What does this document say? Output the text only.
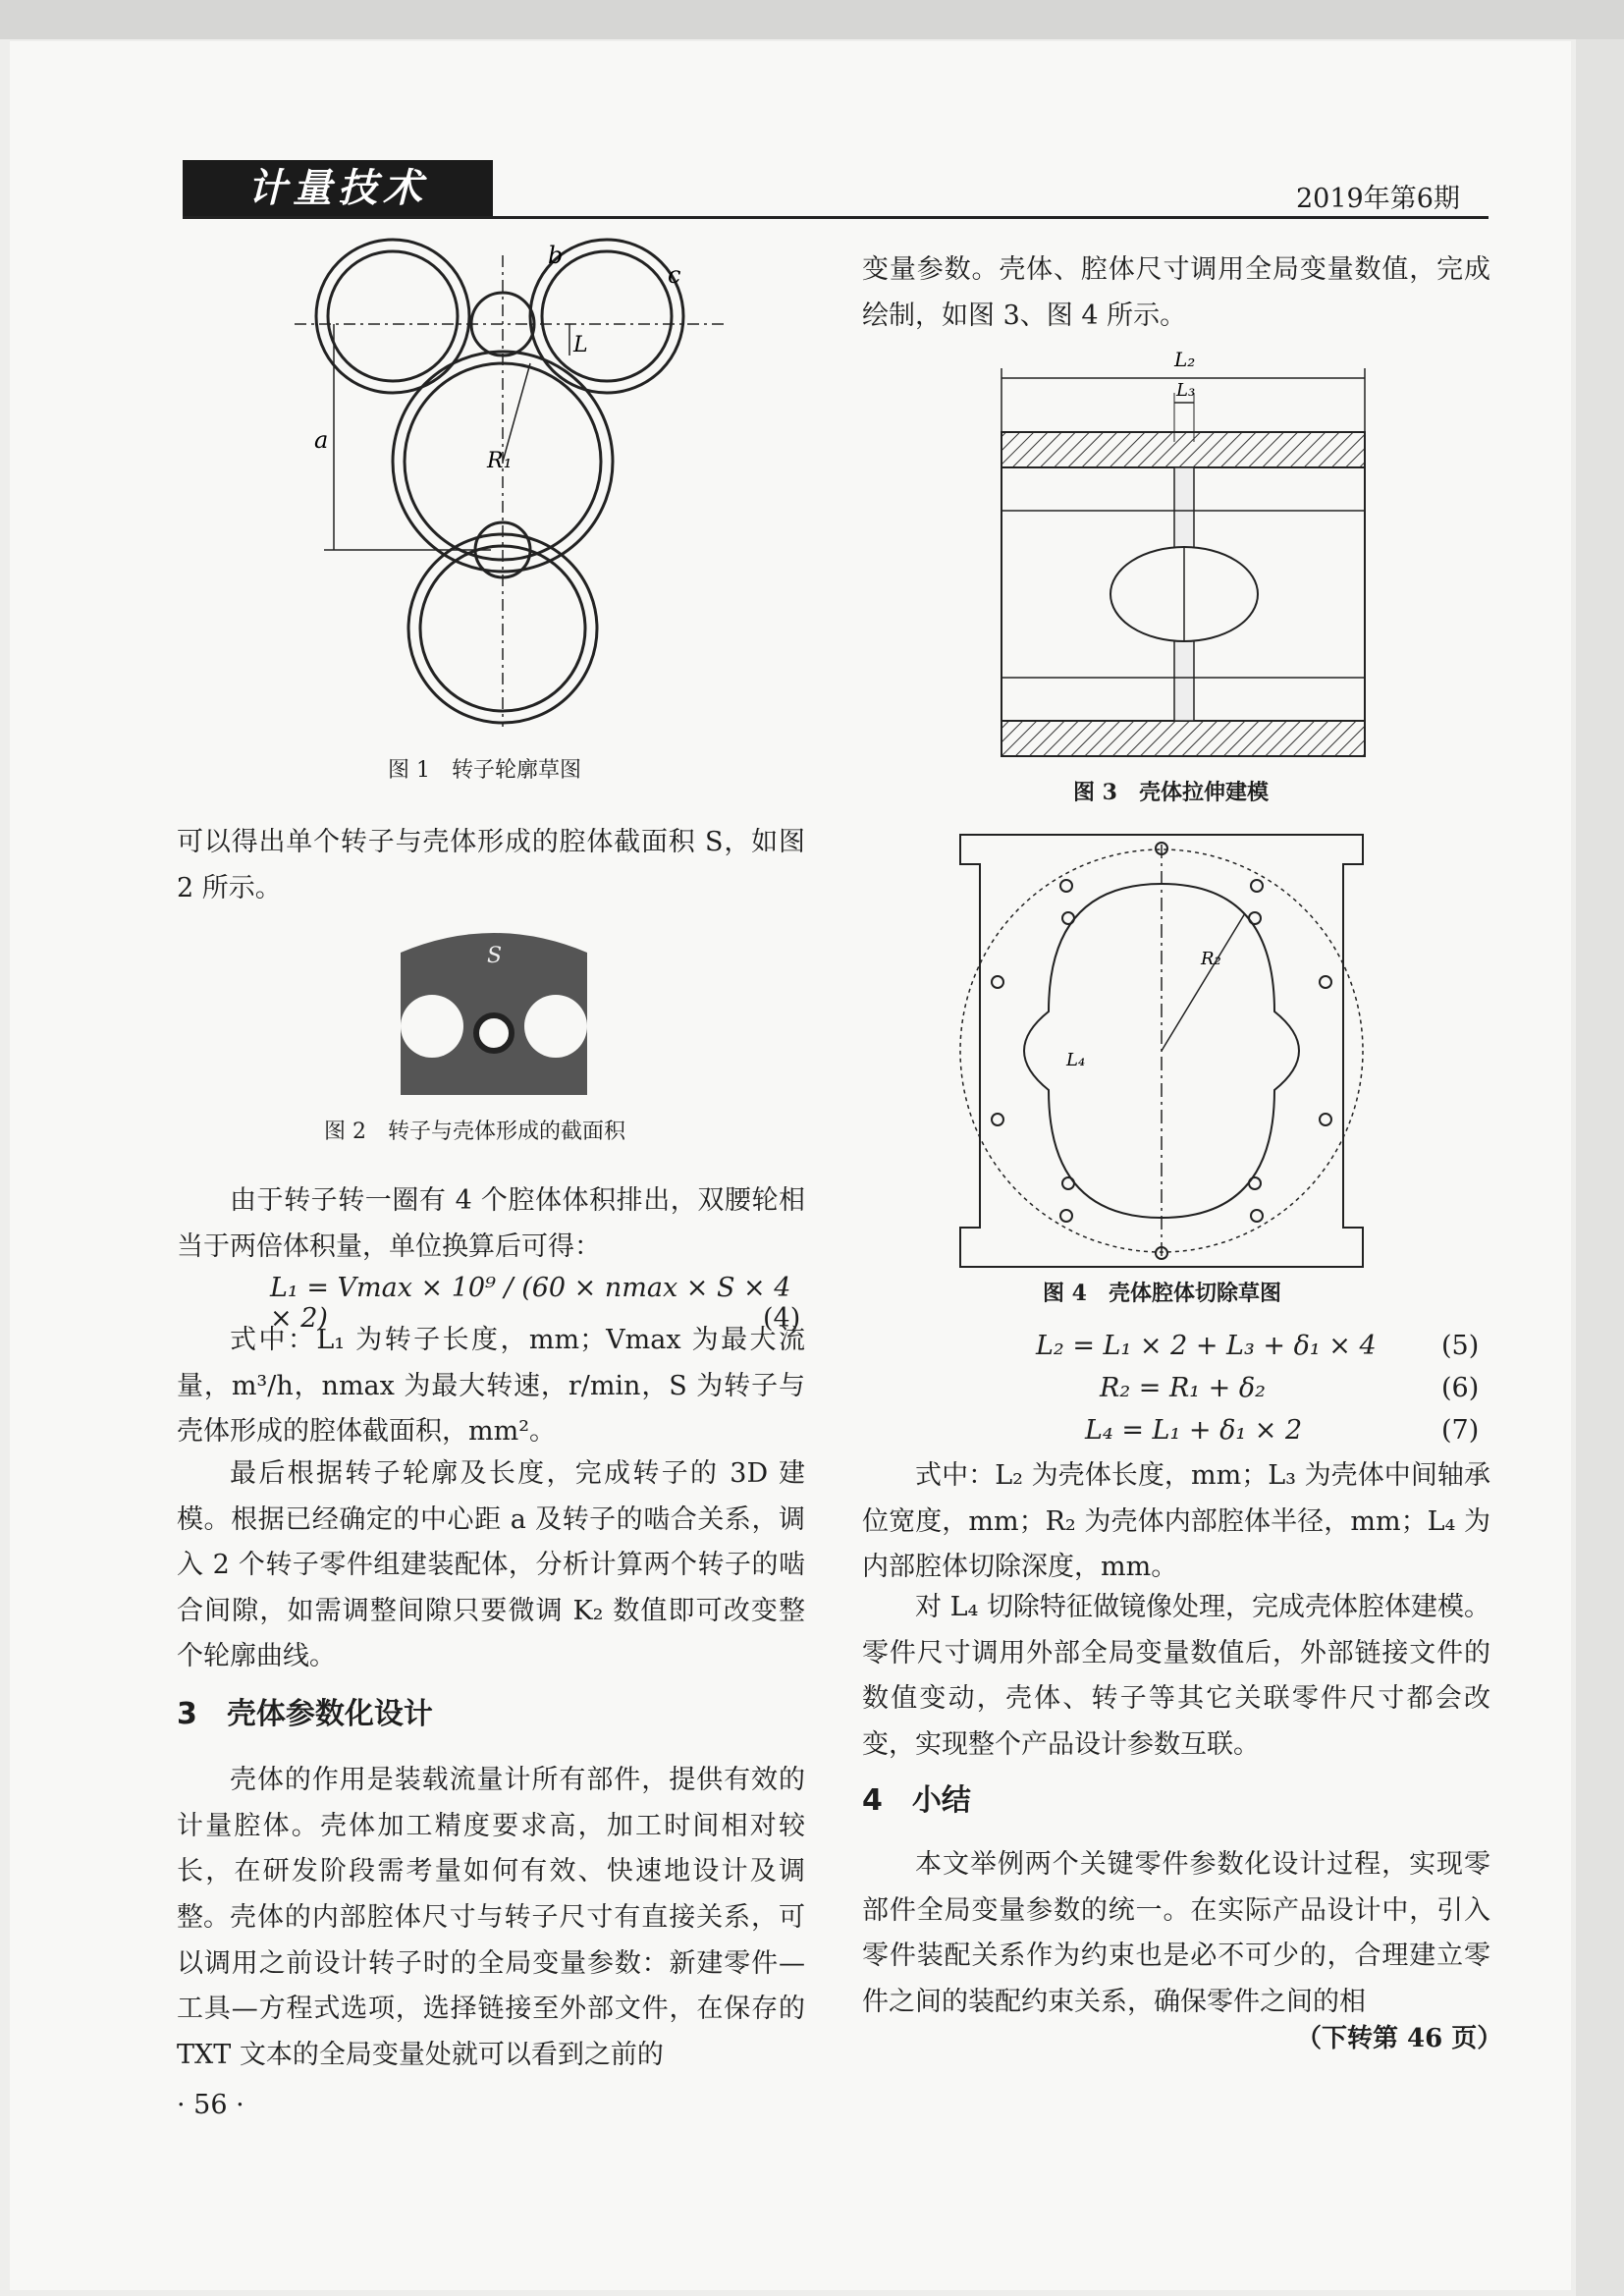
计量技术	2019年第6期
b
c
L
a
R₁
图 1　转子轮廓草图

可以得出单个转子与壳体形成的腔体截面积 S，如图 2 所示。

S
图 2　转子与壳体形成的截面积

由于转子转一圈有 4 个腔体体积排出，双腰轮相当于两倍体积量，单位换算后可得：

L₁ = Vmax × 10⁹ / (60 × nmax × S × 4 × 2)	(4)

式中：L₁ 为转子长度，mm；Vmax 为最大流量，m³/h，nmax 为最大转速，r/min，S 为转子与壳体形成的腔体截面积，mm²。

最后根据转子轮廓及长度，完成转子的 3D 建模。根据已经确定的中心距 a 及转子的啮合关系，调入 2 个转子零件组建装配体，分析计算两个转子的啮合间隙，如需调整间隙只要微调 K₂ 数值即可改变整个轮廓曲线。

3　壳体参数化设计

壳体的作用是装载流量计所有部件，提供有效的计量腔体。壳体加工精度要求高，加工时间相对较长，在研发阶段需考量如何有效、快速地设计及调整。 壳体的内部腔体尺寸与转子尺寸有直接关系，可以调用之前设计转子时的全局变量参数：新建零件—工具—方程式选项，选择链接至外部文件，在保存的 TXT 文本的全局变量处就可以看到之前的

· 56 ·

变量参数。壳体、腔体尺寸调用全局变量数值，完成绘制，如图 3、图 4 所示。

L₂
L₃
图 3　壳体拉伸建模
R₂
L₄
图 4　壳体腔体切除草图
L₂ = L₁ × 2 + L₃ + δ₁ × 4 (5)
R₂ = R₁ + δ₂	(6)
L₄ = L₁ + δ₁ × 2	(7)

式中：L₂ 为壳体长度，mm；L₃ 为壳体中间轴承位宽度，mm；R₂ 为壳体内部腔体半径，mm；L₄ 为内部腔体切除深度，mm。

对 L₄ 切除特征做镜像处理，完成壳体腔体建模。零件尺寸调用外部全局变量数值后，外部链接文件的数值变动，壳体、转子等其它关联零件尺寸都会改变，实现整个产品设计参数互联。

4　小结

本文举例两个关键零件参数化设计过程，实现零部件全局变量参数的统一。在实际产品设计中，引入零件装配关系作为约束也是必不可少的，合理建立零件之间的装配约束关系，确保零件之间的相

（下转第 46 页）
